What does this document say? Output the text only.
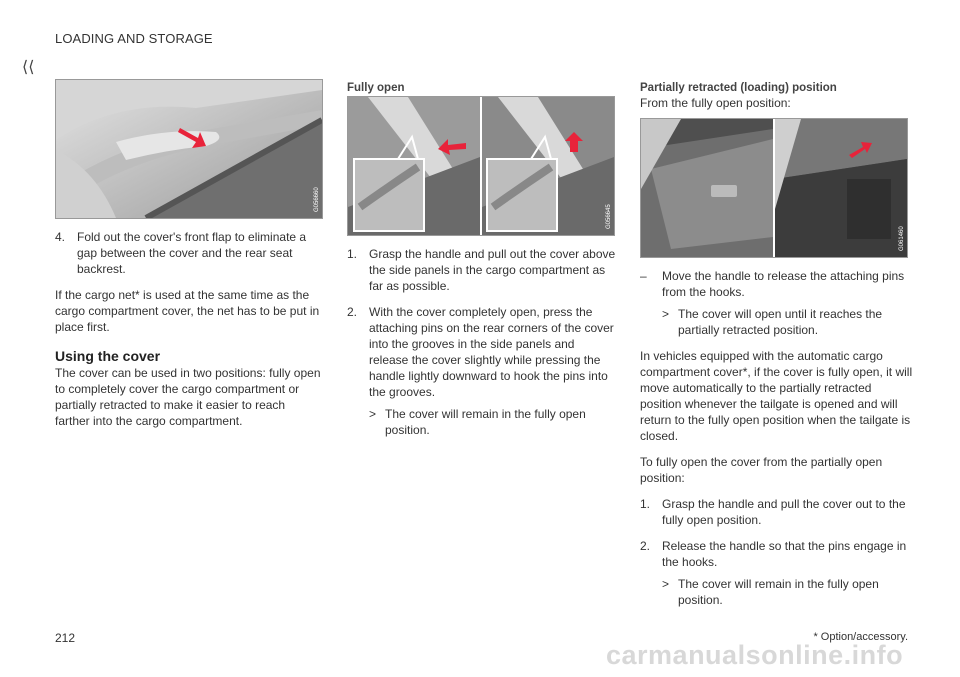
LOADING AND STORAGE
⟨⟨
G056660
4. Fold out the cover's front flap to eliminate a gap between the cover and the rear seat backrest.

If the cargo net* is used at the same time as the cargo compartment cover, the net has to be put in place first.

Using the cover

The cover can be used in two positions: fully open to completely cover the cargo compartment or partially retracted to make it easier to reach farther into the cargo compartment.

Fully open
G056645
1. Grasp the handle and pull out the cover above the side panels in the cargo compartment as far as possible.
2. With the cover completely open, press the attaching pins on the rear corners of the cover into the grooves in the side panels and release the cover slightly while pressing the handle lightly downward to hook the pins into the grooves.
> The cover will remain in the fully open position.
Partially retracted (loading) position
From the fully open position:
G061460
–	Move the handle to release the attaching pins from the hooks.
> The cover will open until it reaches the partially retracted position.

In vehicles equipped with the automatic cargo compartment cover*, if the cover is fully open, it will move automatically to the partially retracted position whenever the tailgate is opened and will return to the fully open position when the tailgate is closed.

To fully open the cover from the partially open position:

1. Grasp the handle and pull the cover out to the fully open position.
2. Release the handle so that the pins engage in the hooks.
> The cover will remain in the fully open position.
212	* Option/accessory.
carmanualsonline.info
